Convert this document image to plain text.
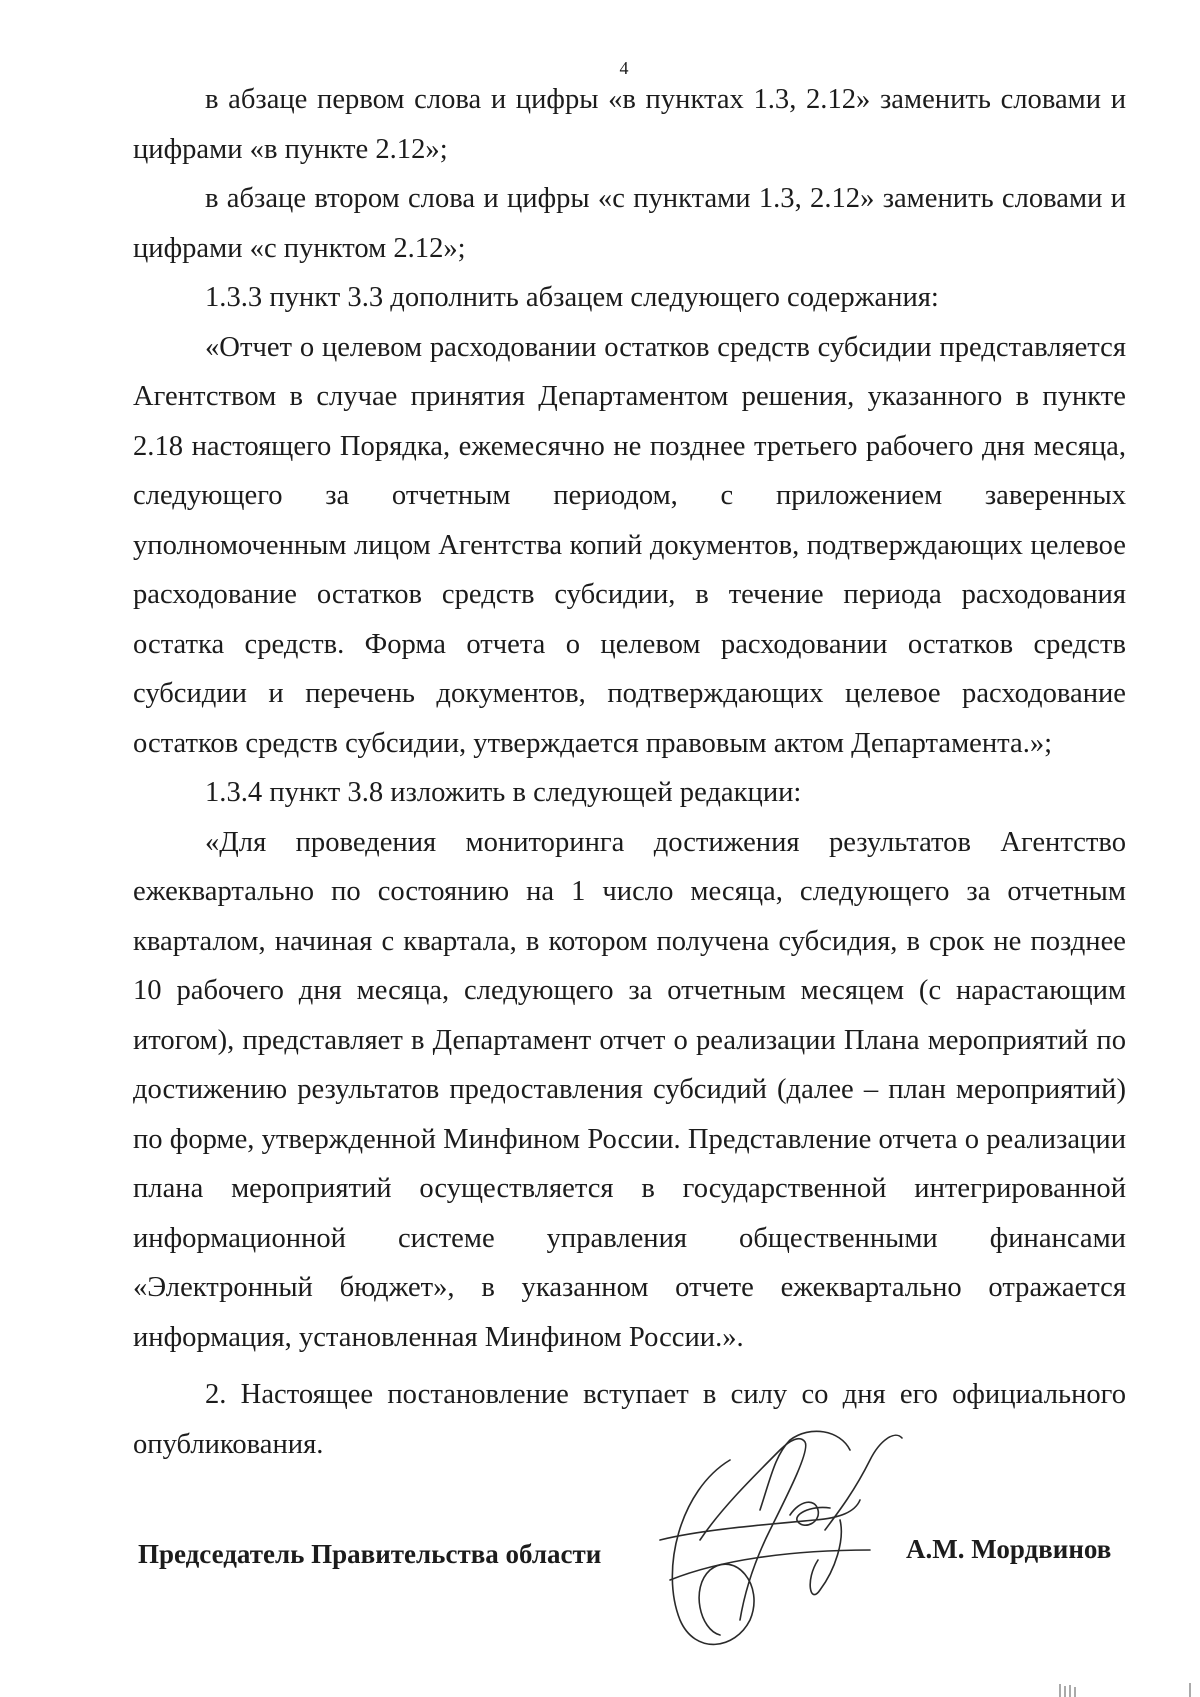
4

в абзаце первом слова и цифры «в пунктах 1.3, 2.12» заменить словами и цифрами «в пункте 2.12»;

в абзаце втором слова и цифры «с пунктами 1.3, 2.12» заменить словами и цифрами «с пунктом 2.12»;

1.3.3 пункт 3.3 дополнить абзацем следующего содержания:

«Отчет о целевом расходовании остатков средств субсидии представляется Агентством в случае принятия Департаментом решения, указанного в пункте 2.18 настоящего Порядка, ежемесячно не позднее третьего рабочего дня месяца, следующего за отчетным периодом, с приложением заверенных уполномоченным лицом Агентства копий документов, подтверждающих целевое расходование остатков средств субсидии, в течение периода расходования остатка средств. Форма отчета о целевом расходовании остатков средств субсидии и перечень документов, подтверждающих целевое расходование остатков средств субсидии, утверждается правовым актом Департамента.»;

1.3.4 пункт 3.8 изложить в следующей редакции:

«Для проведения мониторинга достижения результатов Агентство ежеквартально по состоянию на 1 число месяца, следующего за отчетным кварталом, начиная с квартала, в котором получена субсидия, в срок не позднее 10 рабочего дня месяца, следующего за отчетным месяцем (с нарастающим итогом), представляет в Департамент отчет о реализации Плана мероприятий по достижению результатов предоставления субсидий (далее – план мероприятий) по форме, утвержденной Минфином России. Представление отчета о реализации плана мероприятий осуществляется в государственной интегрированной информационной системе управления общественными финансами «Электронный бюджет», в указанном отчете ежеквартально отражается информация, установленная Минфином России.».

2. Настоящее постановление вступает в силу со дня его официального опубликования.

Председатель Правительства области	А.М. Мордвинов
